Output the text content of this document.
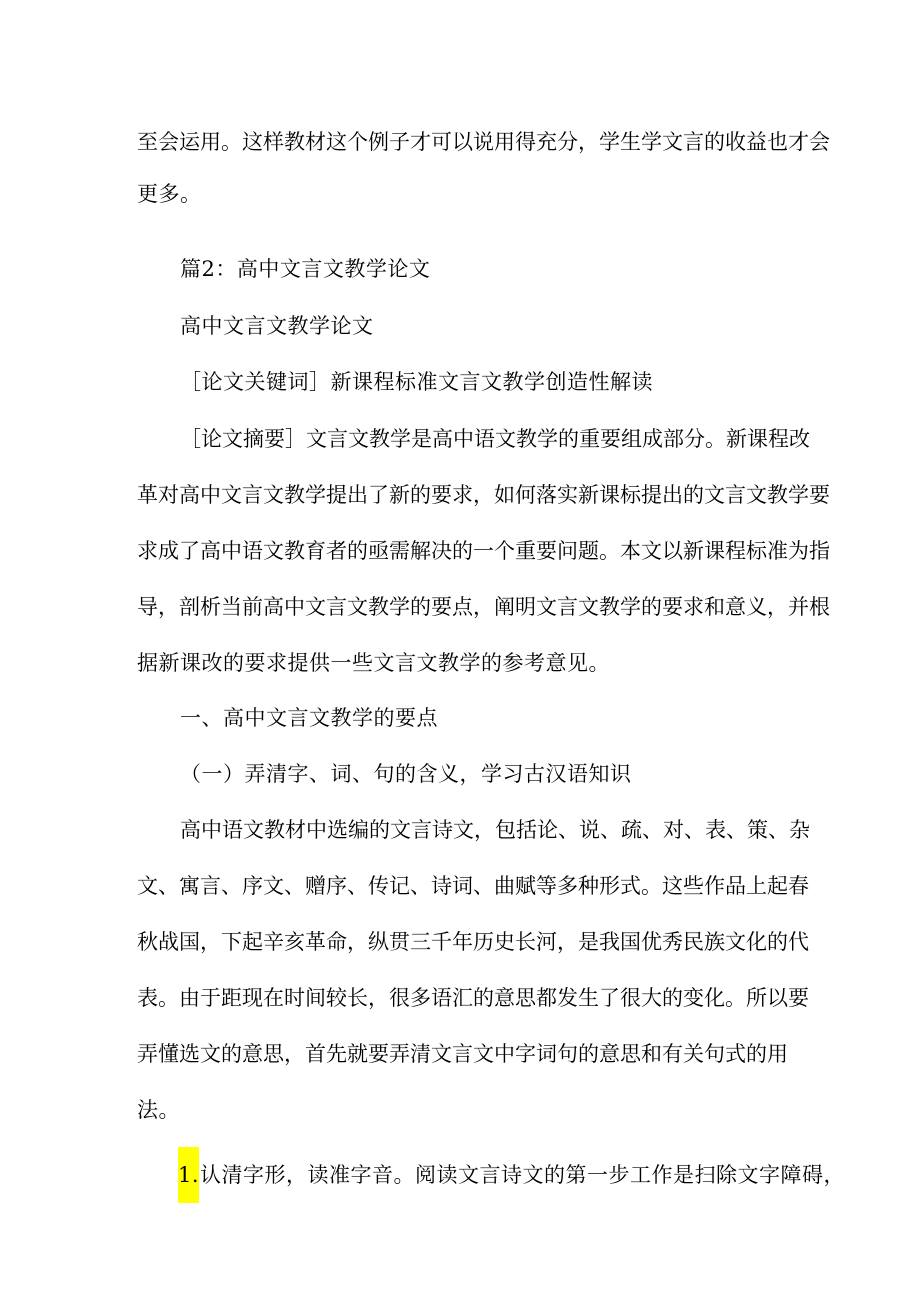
至会运用。这样教材这个例子才可以说用得充分，学生学文言的收益也才会
更多。
篇2：高中文言文教学论文
高中文言文教学论文
［论文关键词］新课程标准文言文教学创造性解读
［论文摘要］文言文教学是高中语文教学的重要组成部分。新课程改
革对高中文言文教学提出了新的要求，如何落实新课标提出的文言文教学要
求成了高中语文教育者的亟需解决的一个重要问题。本文以新课程标准为指
导，剖析当前高中文言文教学的要点，阐明文言文教学的要求和意义，并根
据新课改的要求提供一些文言文教学的参考意见。
一、高中文言文教学的要点
（一）弄清字、词、句的含义，学习古汉语知识
高中语文教材中选编的文言诗文，包括论、说、疏、对、表、策、杂
文、寓言、序文、赠序、传记、诗词、曲赋等多种形式。这些作品上起春
秋战国，下起辛亥革命，纵贯三千年历史长河，是我国优秀民族文化的代
表。由于距现在时间较长，很多语汇的意思都发生了很大的变化。所以要
弄懂选文的意思，首先就要弄清文言文中字词句的意思和有关句式的用
法。
1.认清字形，读准字音。阅读文言诗文的第一步工作是扫除文字障碍，
